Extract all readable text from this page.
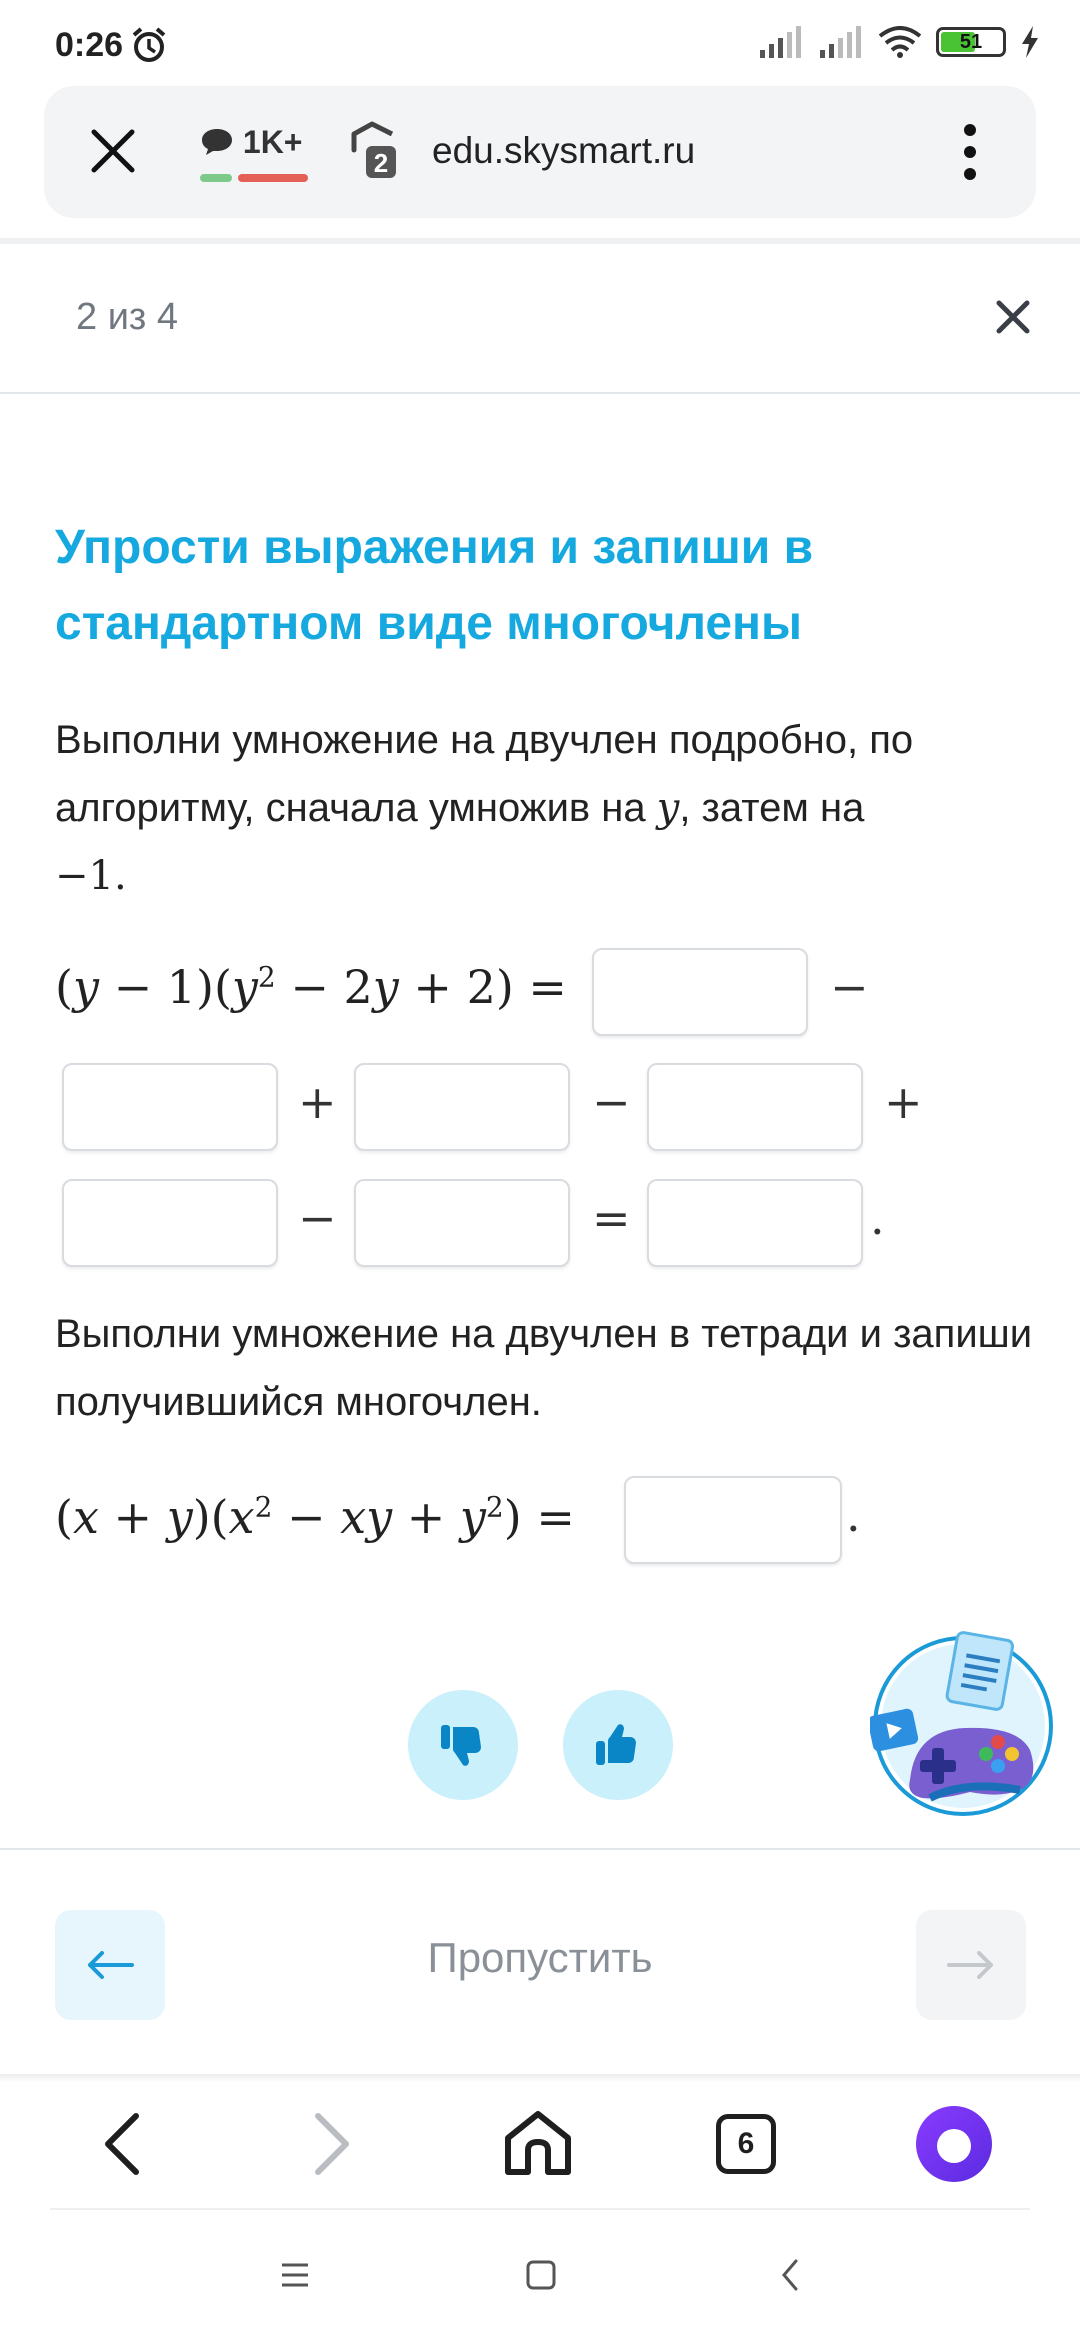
0:26	51
1K+
2 edu.skysmart.ru
2 из 4
Упрости выражения и запиши в стандартном виде многочлены
Выполни умножение на двучлен подробно, по алгоритму, сначала умножив на y, затем на
−1.
$(y - 1)(y^2 - 2y + 2)$ =	−
+	−	+
−	=	.
Выполни умножение на двучлен в тетради и запиши получившийся многочлен.
$(x + y)(x^2$ − xy + $y^2$) =	.
Пропустить
6
